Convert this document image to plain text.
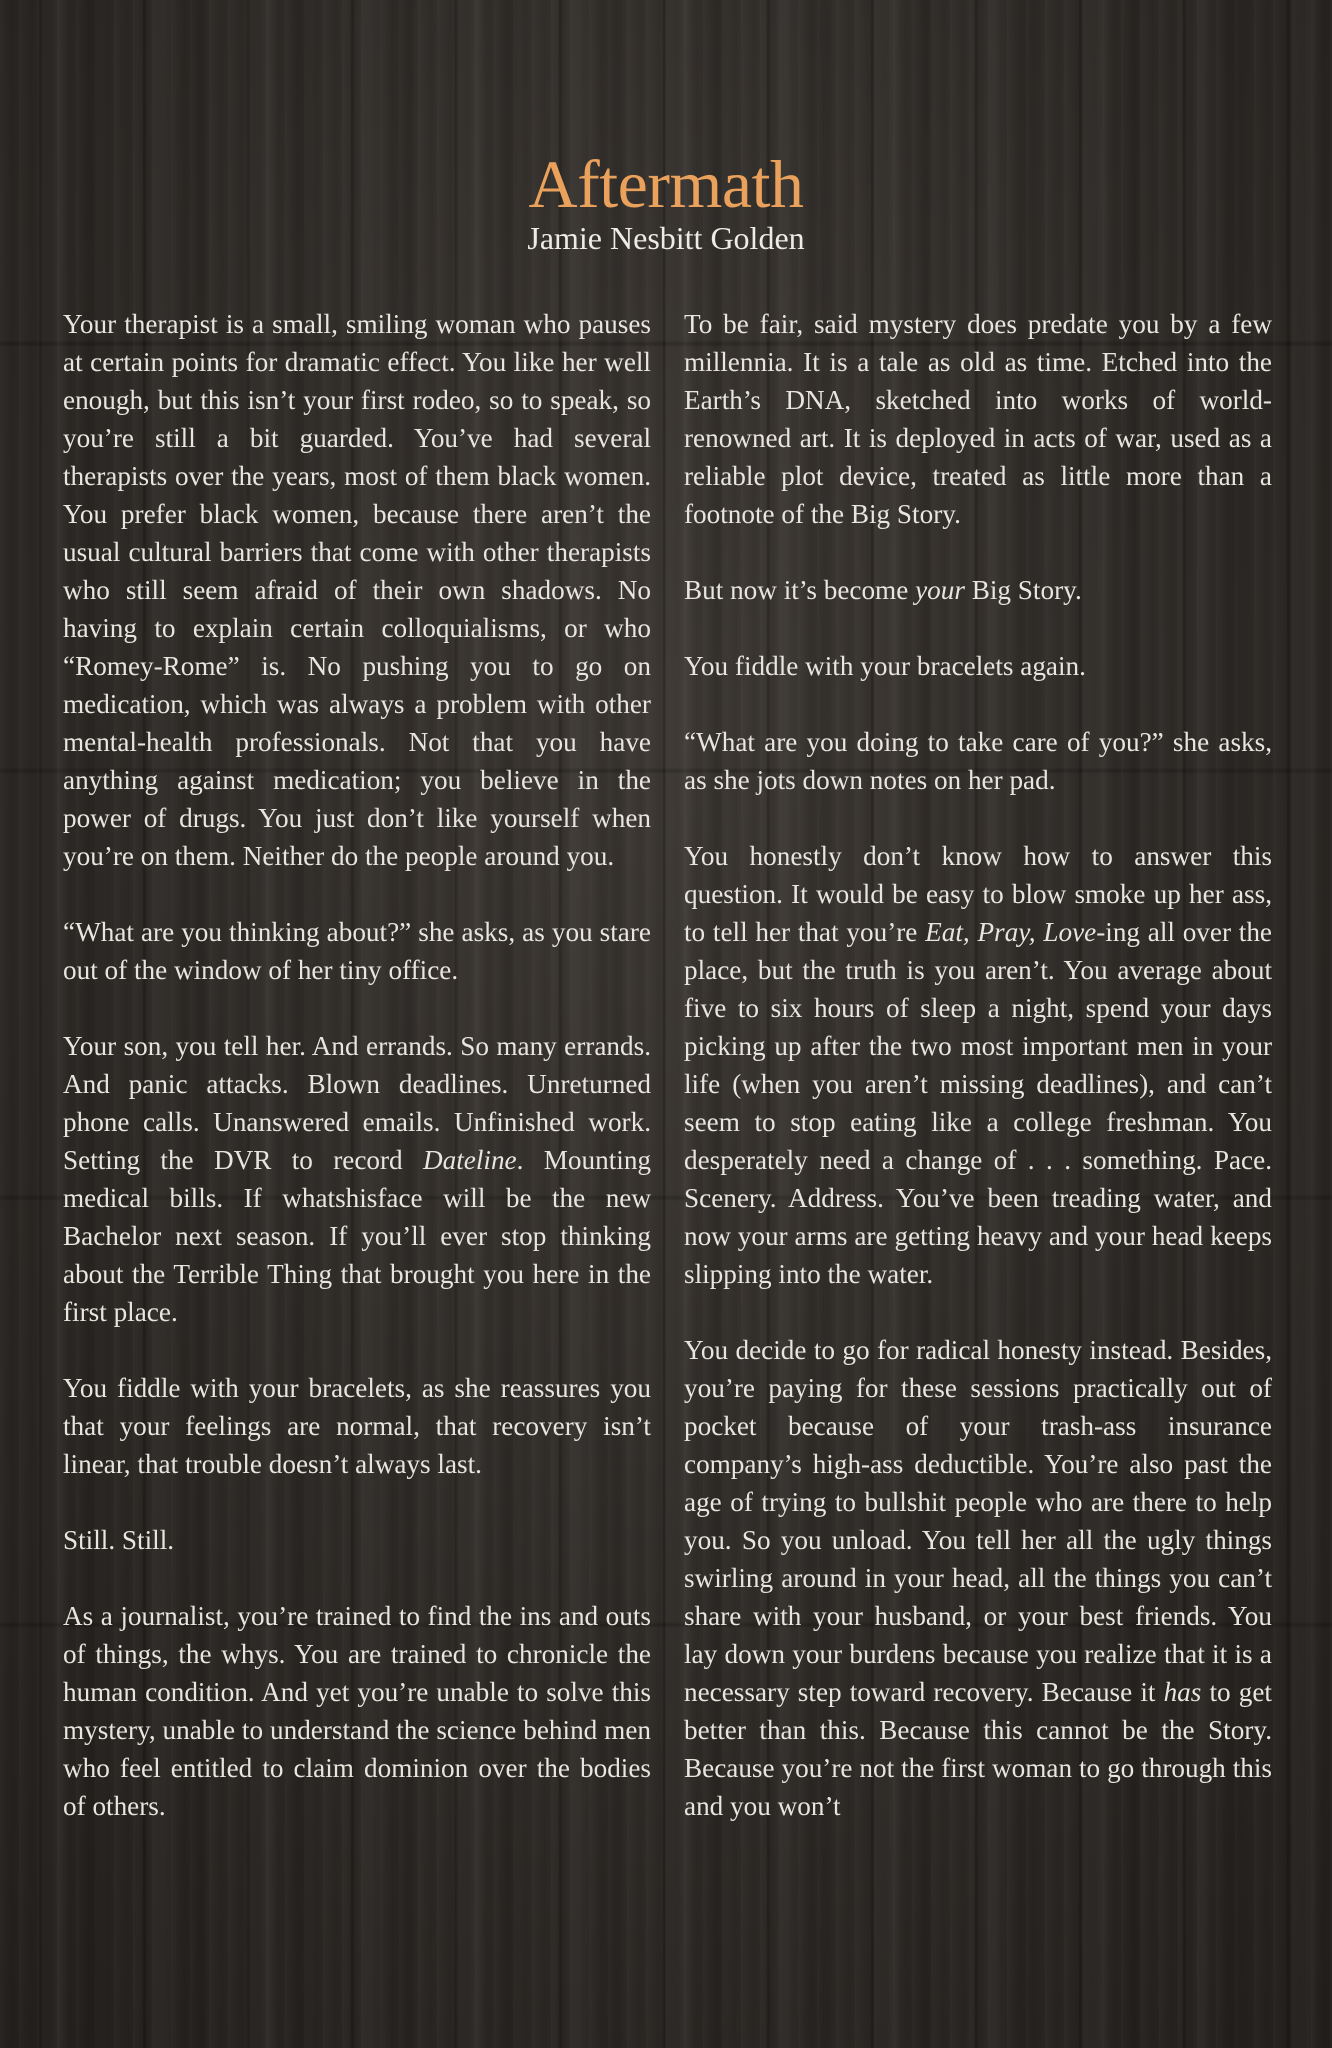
Aftermath
Jamie Nesbitt Golden

Your therapist is a small, smiling woman who pauses at certain points for dramatic effect. You like her well enough, but this isn’t your first rodeo, so to speak, so you’re still a bit guarded. You’ve had several therapists over the years, most of them black women. You prefer black women, because there aren’t the usual cultural barriers that come with other therapists who still seem afraid of their own shadows. No having to explain certain colloquialisms, or who “Romey-Rome” is. No pushing you to go on medication, which was always a problem with other mental-health professionals. Not that you have anything against medication; you believe in the power of drugs. You just don’t like yourself when you’re on them. Neither do the people around you.

“What are you thinking about?” she asks, as you stare out of the window of her tiny office.

Your son, you tell her. And errands. So many errands. And panic attacks. Blown deadlines. Unreturned phone calls. Unanswered emails. Unfinished work. Setting the DVR to record Dateline. Mounting medical bills. If whatshisface will be the new Bachelor next season. If you’ll ever stop thinking about the Terrible Thing that brought you here in the first place.

You fiddle with your bracelets, as she reassures you that your feelings are normal, that recovery isn’t linear, that trouble doesn’t always last.

Still. Still.

As a journalist, you’re trained to find the ins and outs of things, the whys. You are trained to chronicle the human condition. And yet you’re unable to solve this mystery, unable to understand the science behind men who feel entitled to claim dominion over the bodies of others.

To be fair, said mystery does predate you by a few millennia. It is a tale as old as time. Etched into the Earth’s DNA, sketched into works of world-renowned art. It is deployed in acts of war, used as a reliable plot device, treated as little more than a footnote of the Big Story.

But now it’s become your Big Story.

You fiddle with your bracelets again.

“What are you doing to take care of you?” she asks, as she jots down notes on her pad.

You honestly don’t know how to answer this question. It would be easy to blow smoke up her ass, to tell her that you’re Eat, Pray, Love-ing all over the place, but the truth is you aren’t. You average about five to six hours of sleep a night, spend your days picking up after the two most important men in your life (when you aren’t missing deadlines), and can’t seem to stop eating like a college freshman. You desperately need a change of . . . something. Pace. Scenery. Address. You’ve been treading water, and now your arms are getting heavy and your head keeps slipping into the water.

You decide to go for radical honesty instead. Besides, you’re paying for these sessions practically out of pocket because of your trash-ass insurance company’s high-ass deductible. You’re also past the age of trying to bullshit people who are there to help you. So you unload. You tell her all the ugly things swirling around in your head, all the things you can’t share with your husband, or your best friends. You lay down your burdens because you realize that it is a necessary step toward recovery. Because it has to get better than this. Because this cannot be the Story. Because you’re not the first woman to go through this and you won’t
